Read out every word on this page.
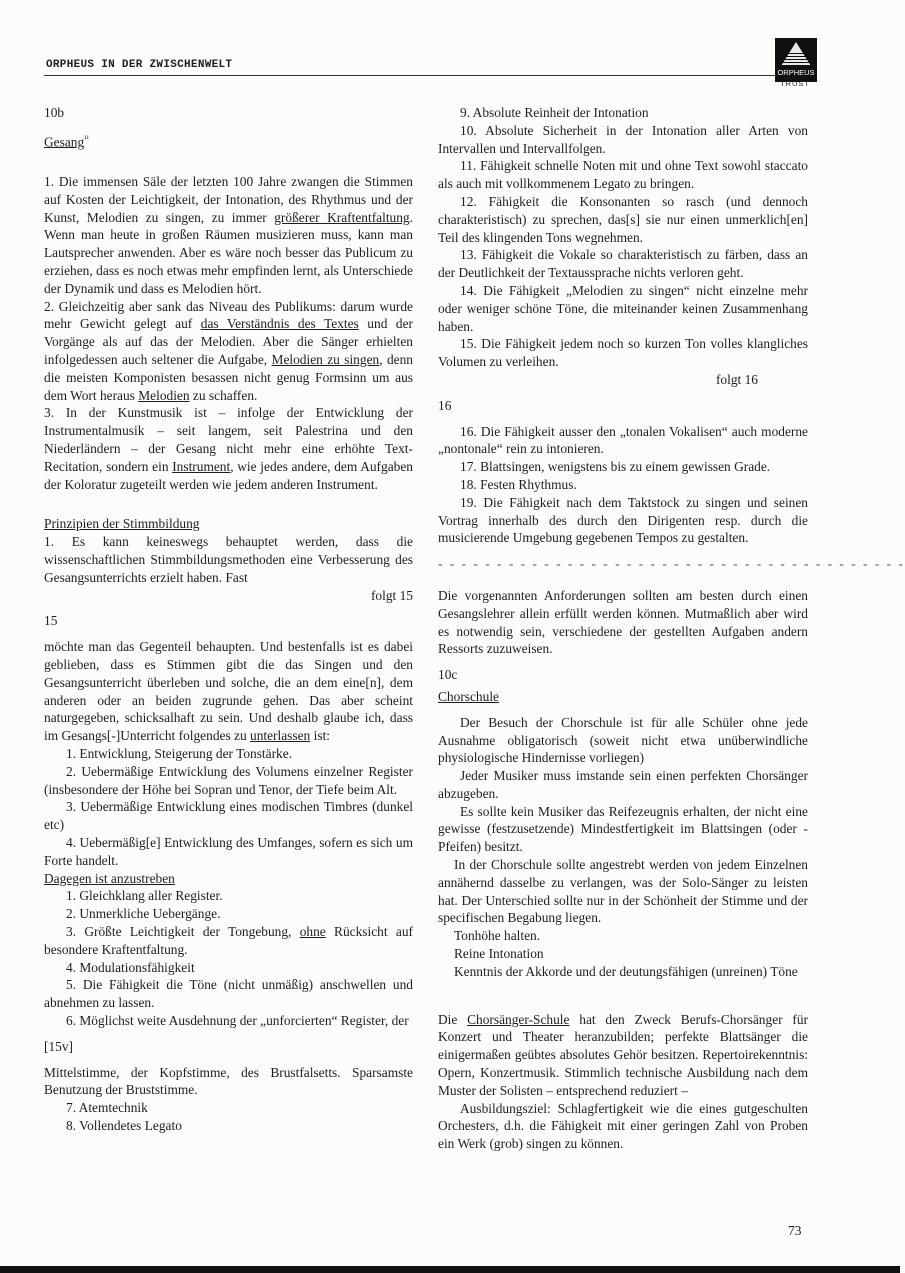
ORPHEUS IN DER ZWISCHENWELT
ORPHEUS
TRUST

10b

Gesang$^{^{11}}$

1. Die immensen Säle der letzten 100 Jahre zwangen die Stimmen auf Kosten der Leichtigkeit, der Intonation, des Rhythmus und der Kunst, Melodien zu singen, zu immer größerer Kraftentfaltung. Wenn man heute in großen Räumen musizieren muss, kann man Lautsprecher anwenden. Aber es wäre noch besser das Publicum zu erziehen, dass es noch etwas mehr empfinden lernt, als Unterschiede der Dynamik und dass es Melodien hört.

2. Gleichzeitig aber sank das Niveau des Publikums: darum wurde mehr Gewicht gelegt auf das Verständnis des Textes und der Vorgänge als auf das der Melodien. Aber die Sänger erhielten infolgedessen auch seltener die Aufgabe, Melodien zu singen, denn die meisten Komponisten besassen nicht genug Formsinn um aus dem Wort heraus Melodien zu schaffen.

3. In der Kunstmusik ist – infolge der Entwicklung der Instrumentalmusik – seit langem, seit Palestrina und den Niederländern – der Gesang nicht mehr eine erhöhte Text-Recitation, sondern ein Instrument, wie jedes andere, dem Aufgaben der Koloratur zugeteilt werden wie jedem anderen Instrument.

Prinzipien der Stimmbildung

1. Es kann keineswegs behauptet werden, dass die wissenschaftlichen Stimmbildungsmethoden eine Verbesserung des Gesangsunterrichts erzielt haben. Fast

folgt 15

15

möchte man das Gegenteil behaupten. Und bestenfalls ist es dabei geblieben, dass es Stimmen gibt die das Singen und den Gesangsunterricht überleben und solche, die an dem eine[n], dem anderen oder an beiden zugrunde gehen. Das aber scheint naturgegeben, schicksalhaft zu sein. Und deshalb glaube ich, dass im Gesangs[-]Unterricht folgendes zu unterlassen ist:

1. Entwicklung, Steigerung der Tonstärke.

2. Uebermäßige Entwicklung des Volumens einzelner Register (insbesondere der Höhe bei Sopran und Tenor, der Tiefe beim Alt.

3. Uebermäßige Entwicklung eines modischen Timbres (dunkel etc)

4. Uebermäßig[e] Entwicklung des Umfanges, sofern es sich um Forte handelt.

Dagegen ist anzustreben

1. Gleichklang aller Register.

2. Unmerkliche Uebergänge.

3. Größte Leichtigkeit der Tongebung, ohne Rücksicht auf besondere Kraftentfaltung.

4. Modulationsfähigkeit

5. Die Fähigkeit die Töne (nicht unmäßig) anschwellen und abnehmen zu lassen.

6. Möglichst weite Ausdehnung der „unforcierten“ Register, der

[15v]

Mittelstimme, der Kopfstimme, des Brustfalsetts. Sparsamste Benutzung der Bruststimme.

7. Atemtechnik

8. Vollendetes Legato

9. Absolute Reinheit der Intonation

10. Absolute Sicherheit in der Intonation aller Arten von Intervallen und Intervallfolgen.

11. Fähigkeit schnelle Noten mit und ohne Text sowohl staccato als auch mit vollkommenem Legato zu bringen.

12. Fähigkeit die Konsonanten so rasch (und dennoch charakteristisch) zu sprechen, das[s] sie nur einen unmerklich[en] Teil des klingenden Tons wegnehmen.

13. Fähigkeit die Vokale so charakteristisch zu färben, dass an der Deutlichkeit der Textaussprache nichts verloren geht.

14. Die Fähigkeit „Melodien zu singen“ nicht einzelne mehr oder weniger schöne Töne, die miteinander keinen Zusammenhang haben.

15. Die Fähigkeit jedem noch so kurzen Ton volles klangliches Volumen zu verleihen.

folgt 16

16

16. Die Fähigkeit ausser den „tonalen Vokalisen“ auch moderne „nontonale“ rein zu intonieren.

17. Blattsingen, wenigstens bis zu einem gewissen Grade.

18. Festen Rhythmus.

19. Die Fähigkeit nach dem Taktstock zu singen und seinen Vortrag innerhalb des durch den Dirigenten resp. durch die musicierende Umgebung gegebenen Tempos zu gestalten.

- - - - - - - - - - - - - - - - - - - - - - - - - - - - - - - - - - - - - - - -

Die vorgenannten Anforderungen sollten am besten durch einen Gesangslehrer allein erfüllt werden können. Mutmaßlich aber wird es notwendig sein, verschiedene der gestellten Aufgaben andern Ressorts zuzuweisen.

10c

Chorschule

Der Besuch der Chorschule ist für alle Schüler ohne jede Ausnahme obligatorisch (soweit nicht etwa unüberwindliche physiologische Hindernisse vorliegen)

Jeder Musiker muss imstande sein einen perfekten Chorsänger abzugeben.

Es sollte kein Musiker das Reifezeugnis erhalten, der nicht eine gewisse (festzusetzende) Mindestfertigkeit im Blattsingen (oder -Pfeifen) besitzt.

In der Chorschule sollte angestrebt werden von jedem Einzelnen annähernd dasselbe zu verlangen, was der Solo-Sänger zu leisten hat. Der Unterschied sollte nur in der Schönheit der Stimme und der specifischen Begabung liegen.

Tonhöhe halten.

Reine Intonation

Kenntnis der Akkorde und der deutungsfähigen (unreinen) Töne

Die Chorsänger-Schule hat den Zweck Berufs-Chorsänger für Konzert und Theater heranzubilden; perfekte Blattsänger die einigermaßen geübtes absolutes Gehör besitzen. Repertoirekenntnis: Opern, Konzertmusik. Stimmlich technische Ausbildung nach dem Muster der Solisten – entsprechend reduziert –

Ausbildungsziel: Schlagfertigkeit wie die eines gutgeschulten Orchesters, d.h. die Fähigkeit mit einer geringen Zahl von Proben ein Werk (grob) singen zu können.

73
